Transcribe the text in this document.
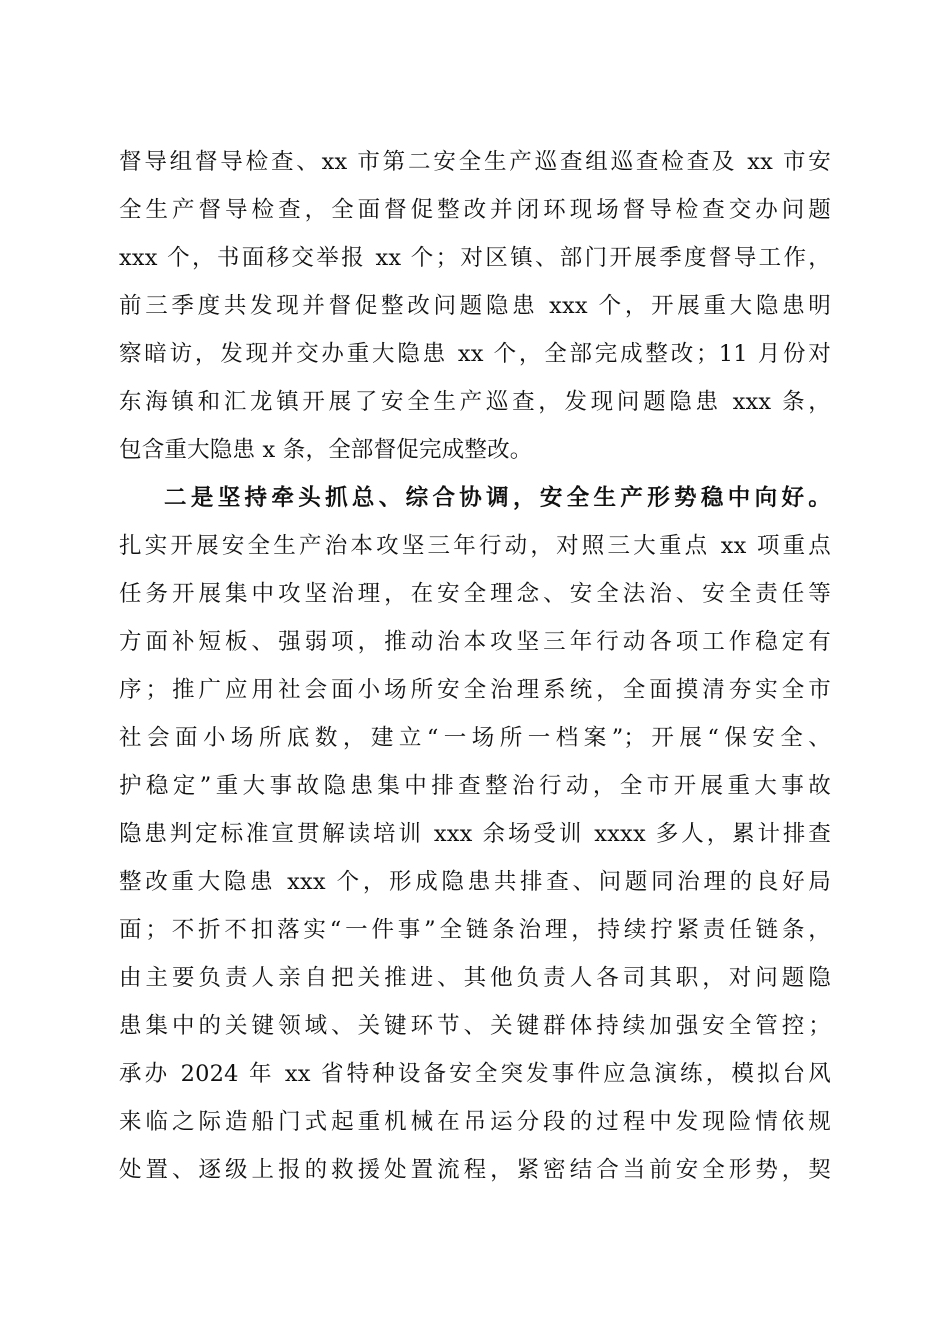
督导组督导检查、xx 市第二安全生产巡查组巡查检查及 xx 市安
全生产督导检查，全面督促整改并闭环现场督导检查交办问题
xxx 个，书面移交举报 xx 个；对区镇、部门开展季度督导工作，
前三季度共发现并督促整改问题隐患 xxx 个，开展重大隐患明
察暗访，发现并交办重大隐患 xx 个，全部完成整改；11 月份对
东海镇和汇龙镇开展了安全生产巡查，发现问题隐患 xxx 条，
包含重大隐患 x 条，全部督促完成整改。
二是坚持牵头抓总、综合协调，安全生产形势稳中向好。
扎实开展安全生产治本攻坚三年行动，对照三大重点 xx 项重点
任务开展集中攻坚治理，在安全理念、安全法治、安全责任等
方面补短板、强弱项，推动治本攻坚三年行动各项工作稳定有
序；推广应用社会面小场所安全治理系统，全面摸清夯实全市
社会面小场所底数，建立“一场所一档案”；开展“保安全、
护稳定”重大事故隐患集中排查整治行动，全市开展重大事故
隐患判定标准宣贯解读培训 xxx 余场受训 xxxx 多人，累计排查
整改重大隐患 xxx 个，形成隐患共排查、问题同治理的良好局
面；不折不扣落实“一件事”全链条治理，持续拧紧责任链条，
由主要负责人亲自把关推进、其他负责人各司其职，对问题隐
患集中的关键领域、关键环节、关键群体持续加强安全管控；
承办 2024 年 xx 省特种设备安全突发事件应急演练，模拟台风
来临之际造船门式起重机械在吊运分段的过程中发现险情依规
处置、逐级上报的救援处置流程，紧密结合当前安全形势，契
